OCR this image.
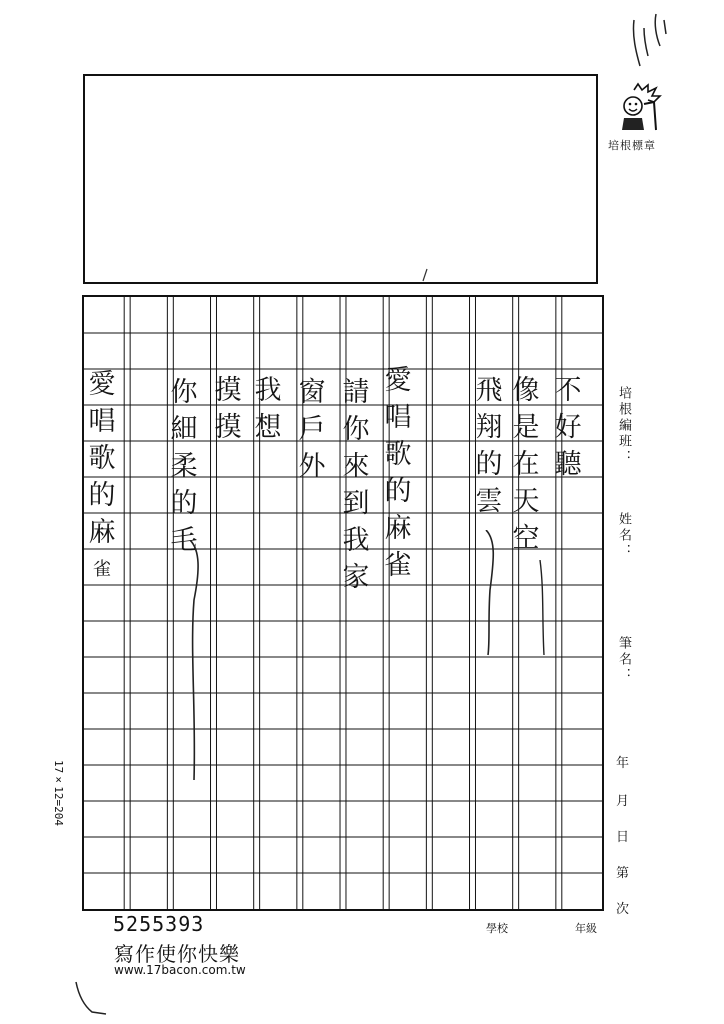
培根標章
培根編班：
姓名：
筆名：
年
月
日
第
次
17×12=204
學校	年級
5255393
寫作使你快樂
www.17bacon.com.tw
不
好
聽
像
是
在
天
空
飛
翔
的
雲
愛
唱
歌
的
麻
雀
請
你
來
到
我
家
窗
戶
外
我
想
摸
摸
你
細
柔
的
毛
愛
唱
歌
的
麻
雀
